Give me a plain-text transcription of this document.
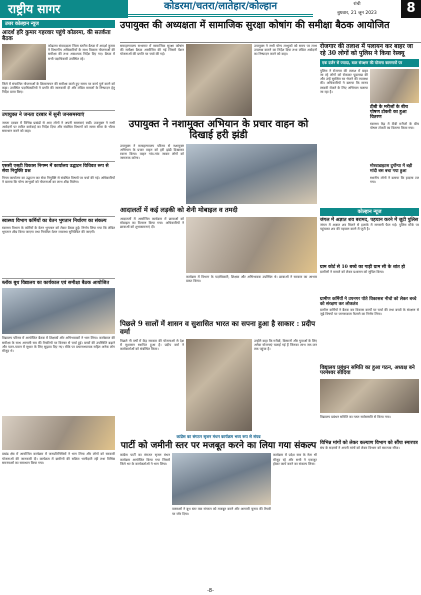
राष्ट्रीय सागर	कोडरमा/चतरा/लातेहार/कोल्हान	रांची
बुधवार, 21 जून 2023	8
उत्तर कोल्हान न्यूज
आदर्श हरि कुमार गहरवार पहुंचे कोडरमा, की सतर्कता बैठक
कोडरमा संवाददाता जिला स्तरीय बैठक में आदर्श कुमार ने विभागीय अधिकारियों के साथ विकास योजनाओं की समीक्षा की तथा आवश्यक निर्देश दिए गए। बैठक में सभी पदाधिकारी उपस्थित रहे।
जिले में संचालित योजनाओं के क्रियान्वयन की समीक्षा करते हुए समय पर कार्य पूर्ण करने को कहा। उपस्थित पदाधिकारियों ने प्रगति की जानकारी दी और लंबित मामलों के निष्पादन हेतु निर्देश प्राप्त किए।
उपायुक्त ने जनता दरबार में सुनी जनसमस्याएं
जनता दरबार में विभिन्न प्रखंडों से आए लोगों ने अपनी समस्याएं रखीं। उपायुक्त ने सभी आवेदनों पर त्वरित कार्रवाई का निर्देश दिया और संबंधित विभागों को समय सीमा के भीतर समाधान करने को कहा।
एससी एसटी विकास निगम्म में कार्यालय उद्घाटन विधिवत रूप से सेवा नियुक्ति प्रश्न
निगम कार्यालय का उद्घाटन कर सेवा नियुक्ति से संबंधित विषयों पर चर्चा की गई। अधिकारियों ने बताया कि योग्य लाभुकों को योजनाओं का लाभ शीघ्र मिलेगा।
स्वास्थ्य विभाग कर्मियों का वेतन भुगतान निर्धारण का संकल्प
स्वास्थ्य विभाग के कर्मियों के वेतन भुगतान को लेकर बैठक हुई। निर्णय लिया गया कि लंबित भुगतान शीघ्र किया जाएगा तथा नियमित वेतन व्यवस्था सुनिश्चित की जाएगी।
ब्लॉक बूथ विद्यालय का कार्यकाल एवं समीक्षा बैठक आयोजित
विद्यालय परिसर में आयोजित बैठक में शिक्षकों और अभिभावकों ने भाग लिया। कार्यकाल की समीक्षा के साथ आगामी सत्र की तैयारियों पर विस्तार से चर्चा हुई। बच्चों की उपस्थिति बढ़ाने और पठन-पाठन में सुधार के लिए सुझाव दिए गए। मौके पर प्रधानाध्यापक सहित अनेक लोग मौजूद थे।
प्रखंड क्षेत्र में आयोजित कार्यक्रम में जनप्रतिनिधियों ने भाग लिया और लोगों को सरकारी योजनाओं की जानकारी दी। कार्यक्रम में ग्रामीणों की सक्रिय भागीदारी रही तथा विभिन्न समस्याओं का समाधान किया गया।
उपायुक्त की अध्यक्षता में सामाजिक सुरक्षा कोषांग की समीक्षा बैठक आयोजित
समाहरणालय सभागार में सामाजिक सुरक्षा कोषांग की समीक्षा बैठक आयोजित की गई जिसमें पेंशन योजनाओं की प्रगति पर चर्चा की गई।
उपायुक्त ने सभी योग्य लाभुकों को समय पर लाभ उपलब्ध कराने का निर्देश दिया तथा लंबित आवेदनों का निष्पादन करने को कहा।
उपायुक्त ने नशामुक्त अभियान के प्रचार वाहन को दिखाई हरी झंडी
उपायुक्त ने समाहरणालय परिसर से नशामुक्त अभियान के प्रचार वाहन को हरी झंडी दिखाकर रवाना किया। वाहन गांव-गांव जाकर लोगों को जागरूक करेगा।
आदालतों में कई लड़की को शेनी मोबाइल व तमदी
आदालतों में आयोजित कार्यक्रम में छात्राओं को मोबाइल का वितरण किया गया। अधिकारियों ने छात्राओं को शुभकामनाएं दी।
कार्यक्रम में विभाग के पदाधिकारी, शिक्षक और अभिभावक उपस्थित थे। छात्राओं ने सरकार का आभार प्रकट किया।
पिछले 9 सालों में शासन व सुशासित भारत का सपना हुआ है साकार : प्रदीप वर्मा
पिछले नौ वर्षों में केंद्र सरकार की योजनाओं से देश में सुशासन स्थापित हुआ है। प्रदीप वर्मा ने कार्यकर्ताओं को संबोधित किया।
उन्होंने कहा कि गरीबों, किसानों और युवाओं के लिए अनेक योजनाएं चलाई गई हैं जिनका लाभ जन-जन तक पहुंचा है।
कांग्रेस का संगठन सृजन मंथन कार्यक्रम भव्य रूप से संपन्न
पार्टी को जमीनी स्तर पर मजबूत करने का लिया गया संकल्प
कांग्रेस पार्टी का संगठन सृजन मंथन कार्यक्रम आयोजित किया गया जिसमें जिले भर के कार्यकर्ताओं ने भाग लिया।
वक्ताओं ने बूथ स्तर तक संगठन को मजबूत करने और आगामी चुनाव की तैयारी पर जोर दिया।
कार्यक्रम में प्रदेश स्तर के नेता भी मौजूद रहे और सभी ने एकजुट होकर कार्य करने का संकल्प लिया।
रोजगार की तलाश में पलायन कर बाहर जा रहे 30 लोगों को पुलिस ने किया रेस्क्यू
एक दर्जन से ज्यादा, बाल संरक्षण की योजना कामगारों पर
पुलिस ने रोजगार की तलाश में बाहर जा रहे लोगों को रोककर पूछताछ की और उन्हें सुरक्षित घर भेजने की व्यवस्था की। अधिकारियों ने बताया कि मानव तस्करी रोकने के लिए अभियान चलाया जा रहा है।
टीबी के मरीजों के बीच पोषण टोकरी का हुआ वितरण
स्वास्थ्य केंद्र में टीबी मरीजों के बीच पोषण टोकरी का वितरण किया गया।
मोरवाडाइटस दुर्गोन्या में बड़ी मांदी बस बचा गया हुआ
स्थानीय लोगों ने बताया कि हादसा टल गया।
कोल्हान न्यूज
जंगल में अज्ञात शव बरामद, पहचान करने में जुटी पुलिस
जंगल में अज्ञात शव मिलने से इलाके में सनसनी फैल गई। पुलिस मौके पर पहुंचकर शव की पहचान करने में जुटी है।
ग्राम कोर्ट से 10 बच्चे का गाड़ी ग्राम सी के शांत हो
ग्रामीणों ने मामले को लेकर प्रशासन को सूचित किया।
ग्रामीण कर्मियों ने उपनगर पोते विकासश नीचो को लेकर बच्चे को संरक्षण कर लोकतंत्र
ग्रामीण कर्मियों ने बैठक कर विकास कार्यों पर चर्चा की तथा बच्चों के संरक्षण से जुड़े विषयों पर जागरूकता फैलाने का निर्णय लिया।
विद्यालय प्रबंधन समिति का हुआ गठन, अध्यक्ष बने परमेश्वर सीदिया
विद्यालय प्रबंधन समिति का गठन सर्वसम्मति से किया गया।
विभिन्न मांगों को लेकर कल्याण विभाग को सौंपा स्मारपत्र
संघ के सदस्यों ने अपनी मांगों को लेकर विभाग को स्मारपत्र सौंपा।
-8-
